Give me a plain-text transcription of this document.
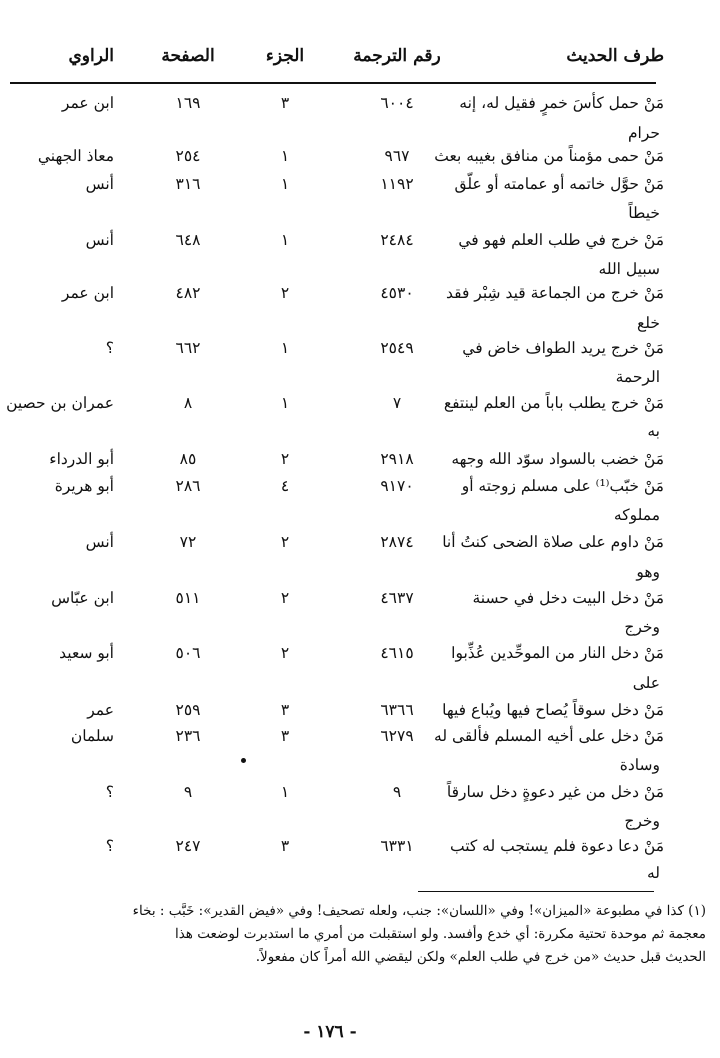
طرف الحديث
رقم الترجمة
الجزء
الصفحة
الراوي
مَنْ حمل كأسَ خمرٍ فقيل له، إنه
حرام
٦٠٠٤
٣
١٦٩
ابن عمر
مَنْ حمى مؤمناً من منافق بغيبه بعث
٩٦٧
١
٢٥٤
معاذ الجهني
مَنْ حوَّل خاتمه أو عمامته أو علّق
خيطاً
١١٩٢
١
٣١٦
أنس
مَنْ خرج في طلب العلم فهو في
سبيل الله
٢٤٨٤
١
٦٤٨
أنس
مَنْ خرج من الجماعة قيد شِبْر فقد
خلع
٤٥٣٠
٢
٤٨٢
ابن عمر
مَنْ خرج يريد الطواف خاض في
الرحمة
٢٥٤٩
١
٦٦٢
؟
مَنْ خرج يطلب باباً من العلم لينتفع
به
٧
١
٨
عمران بن حصين
مَنْ خضب بالسواد سوّد الله وجهه
٢٩١٨
٢
٨٥
أبو الدرداء
مَنْ خبّب⁽¹⁾ على مسلم زوجته أو
مملوكه
٩١٧٠
٤
٢٨٦
أبو هريرة
مَنْ داوم على صلاة الضحى كنتُ أنا
وهو
٢٨٧٤
٢
٧٢
أنس
مَنْ دخل البيت دخل في حسنة
وخرج
٤٦٣٧
٢
٥١١
ابن عبّاس
مَنْ دخل النار من الموحِّدين عُذِّبوا
على
٤٦١٥
٢
٥٠٦
أبو سعيد
مَنْ دخل سوقاً يُصاح فيها ويُباع فيها
٦٣٦٦
٣
٢٥٩
عمر
مَنْ دخل على أخيه المسلم فألقى له
وسادة
٦٢٧٩
٣
٢٣٦
سلمان
مَنْ دخل من غير دعوةٍ دخل سارقاً
وخرج
٩
١
٩
؟
مَنْ دعا دعوة فلم يستجب له كتب
له
٦٣٣١
٣
٢٤٧
؟
(١) كذا في مطبوعة «الميزان»! وفي «اللسان»: جنب، ولعله تصحيف! وفي «فيض القدير»: خَبَّب : بخاء
معجمة ثم موحدة تحتية مكررة: أي خدع وأفسد. ولو استقبلت من أمري ما استدبرت لوضعت هذا
الحديث قبل حديث «من خرج في طلب العلم» ولكن ليقضي الله أمراً كان مفعولاً.
- ١٧٦ -
